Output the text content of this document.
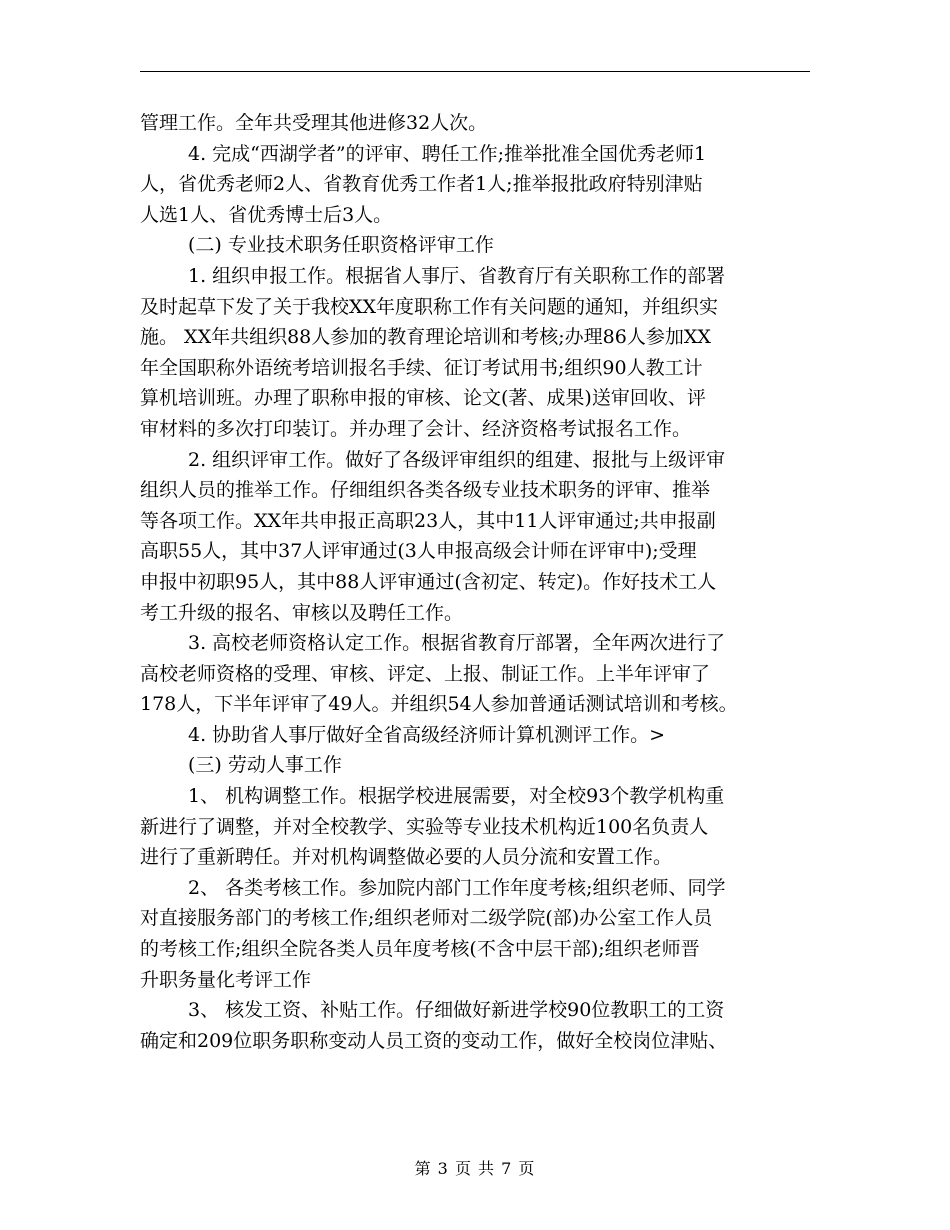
管理工作。全年共受理其他进修32人次。
4. 完成“西湖学者”的评审、聘任工作;推举批准全国优秀老师1
人，省优秀老师2人、省教育优秀工作者1人;推举报批政府特别津贴
人选1人、省优秀博士后3人。
(二) 专业技术职务任职资格评审工作
1. 组织申报工作。根据省人事厅、省教育厅有关职称工作的部署
及时起草下发了关于我校XX年度职称工作有关问题的通知，并组织实
施。 XX年共组织88人参加的教育理论培训和考核;办理86人参加XX
年全国职称外语统考培训报名手续、征订考试用书;组织90人教工计
算机培训班。办理了职称申报的审核、论文(著、成果)送审回收、评
审材料的多次打印装订。并办理了会计、经济资格考试报名工作。
2. 组织评审工作。做好了各级评审组织的组建、报批与上级评审
组织人员的推举工作。仔细组织各类各级专业技术职务的评审、推举
等各项工作。XX年共申报正高职23人，其中11人评审通过;共申报副
高职55人，其中37人评审通过(3人申报高级会计师在评审中);受理
申报中初职95人，其中88人评审通过(含初定、转定)。作好技术工人
考工升级的报名、审核以及聘任工作。
3. 高校老师资格认定工作。根据省教育厅部署，全年两次进行了
高校老师资格的受理、审核、评定、上报、制证工作。上半年评审了
178人，下半年评审了49人。并组织54人参加普通话测试培训和考核。
4. 协助省人事厅做好全省高级经济师计算机测评工作。>
(三) 劳动人事工作
1、 机构调整工作。根据学校进展需要，对全校93个教学机构重
新进行了调整，并对全校教学、实验等专业技术机构近100名负责人
进行了重新聘任。并对机构调整做必要的人员分流和安置工作。
2、 各类考核工作。参加院内部门工作年度考核;组织老师、同学
对直接服务部门的考核工作;组织老师对二级学院(部)办公室工作人员
的考核工作;组织全院各类人员年度考核(不含中层干部);组织老师晋
升职务量化考评工作
3、 核发工资、补贴工作。仔细做好新进学校90位教职工的工资
确定和209位职务职称变动人员工资的变动工作，做好全校岗位津贴、
第 3 页 共 7 页
